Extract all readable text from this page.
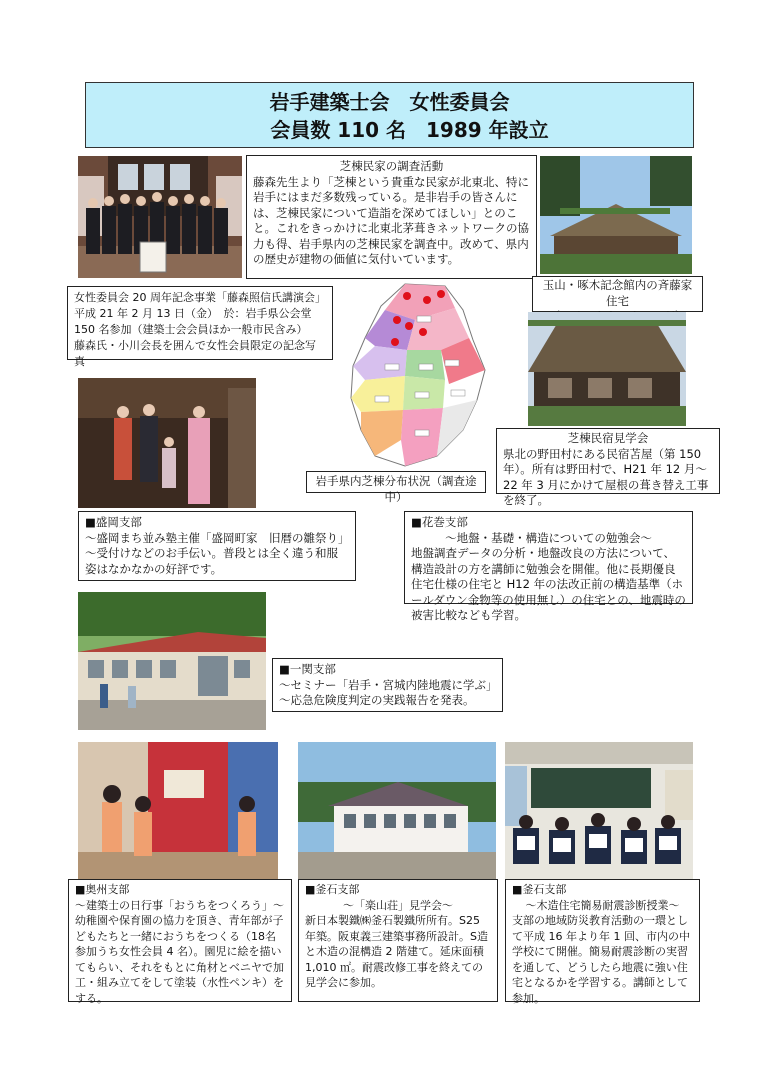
岩手建築士会　女性委員会
会員数 110 名　1989 年設立
芝棟民家の調査活動
藤森先生より「芝棟という貴重な民家が北東北、特に岩手にはまだ多数残っている。是非岩手の皆さんには、芝棟民家について造詣を深めてほしい」とのこと。これをきっかけに北東北茅葺きネットワークの協力も得、岩手県内の芝棟民家を調査中。改めて、県内の歴史が建物の価値に気付いています。
玉山・啄木記念館内の斉藤家住宅
女性委員会 20 周年記念事業「藤森照信氏講演会」
平成 21 年 2 月 13 日（金）　於：岩手県公会堂
150 名参加（建築士会会員ほか一般市民含み）
藤森氏・小川会長を囲んで女性会員限定の記念写真
岩手県内芝棟分布状況（調査途中）
芝棟民宿見学会
県北の野田村にある民宿苫屋（第 150 年）。所有は野田村で、H21 年 12 月～22 年 3 月にかけて屋根の葺き替え工事を終了。
■盛岡支部
～盛岡まち並み塾主催「盛岡町家　旧暦の雛祭り」～受付けなどのお手伝い。普段とは全く違う和服姿はなかなかの好評です。
■花巻支部
～地盤・基礎・構造についての勉強会～
地盤調査データの分析・地盤改良の方法について、構造設計の方を講師に勉強会を開催。他に長期優良住宅仕様の住宅と H12 年の法改正前の構造基準（ホールダウン金物等の使用無し）の住宅との、地震時の被害比較なども学習。
■一関支部
～セミナー「岩手・宮城内陸地震に学ぶ」～応急危険度判定の実践報告を発表。
■奥州支部
～建築士の日行事「おうちをつくろう」～幼稚園や保育園の協力を頂き、青年部が子どもたちと一緒におうちをつくる（18名参加うち女性会員 4 名）。園児に絵を描いてもらい、それをもとに角材とベニヤで加工・組み立てをして塗装（水性ペンキ）をする。
■釜石支部
～「楽山荘」見学会～
新日本製鐵㈱釜石製鐵所所有。S25 年築。阪東義三建築事務所設計。S造と木造の混構造 2 階建て。延床面積 1,010 ㎡。耐震改修工事を終えての見学会に参加。
■釜石支部
～木造住宅簡易耐震診断授業～
支部の地域防災教育活動の一環として平成 16 年より年 1 回、市内の中学校にて開催。簡易耐震診断の実習を通して、どうしたら地震に強い住宅となるかを学習する。講師として参加。
